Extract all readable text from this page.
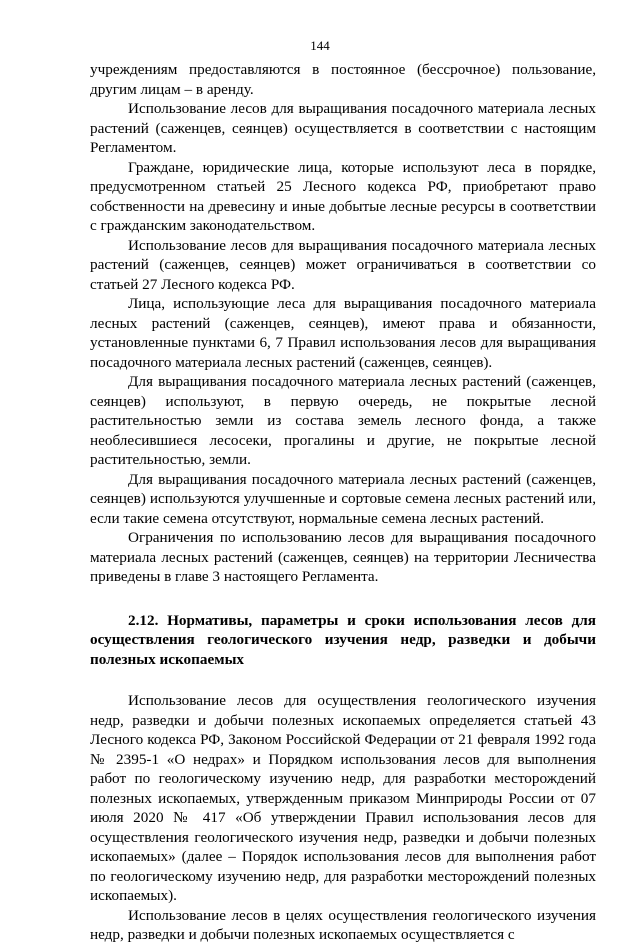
144

учреждениям предоставляются в постоянное (бессрочное) пользование, другим лицам – в аренду.

Использование лесов для выращивания посадочного материала лесных растений (саженцев, сеянцев) осуществляется в соответствии с настоящим Регламентом.

Граждане, юридические лица, которые используют леса в порядке, предусмотренном статьей 25 Лесного кодекса РФ, приобретают право собственности на древесину и иные добытые лесные ресурсы в соответствии с гражданским законодательством.

Использование лесов для выращивания посадочного материала лесных растений (саженцев, сеянцев) может ограничиваться в соответствии со статьей 27 Лесного кодекса РФ.

Лица, использующие леса для выращивания посадочного материала лесных растений (саженцев, сеянцев), имеют права и обязанности, установленные пунктами 6, 7 Правил использования лесов для выращивания посадочного материала лесных растений (саженцев, сеянцев).

Для выращивания посадочного материала лесных растений (саженцев, сеянцев) используют, в первую очередь, не покрытые лесной растительностью земли из состава земель лесного фонда, а также необлесившиеся лесосеки, прогалины и другие, не покрытые лесной растительностью, земли.

Для выращивания посадочного материала лесных растений (саженцев, сеянцев) используются улучшенные и сортовые семена лесных растений или, если такие семена отсутствуют, нормальные семена лесных растений.

Ограничения по использованию лесов для выращивания посадочного материала лесных растений (саженцев, сеянцев) на территории Лесничества приведены в главе 3 настоящего Регламента.

2.12. Нормативы, параметры и сроки использования лесов для осуществления геологического изучения недр, разведки и добычи полезных ископаемых

Использование лесов для осуществления геологического изучения недр, разведки и добычи полезных ископаемых определяется статьей 43 Лесного кодекса РФ, Законом Российской Федерации от 21 февраля 1992 года № 2395-1 «О недрах» и Порядком использования лесов для выполнения работ по геологическому изучению недр, для разработки месторождений полезных ископаемых, утвержденным приказом Минприроды России от 07 июля 2020 № 417 «Об утверждении Правил использования лесов для осуществления геологического изучения недр, разведки и добычи полезных ископаемых» (далее – Порядок использования лесов для выполнения работ по геологическому изучению недр, для разработки месторождений полезных ископаемых).

Использование лесов в целях осуществления геологического изучения недр, разведки и добычи полезных ископаемых осуществляется с
